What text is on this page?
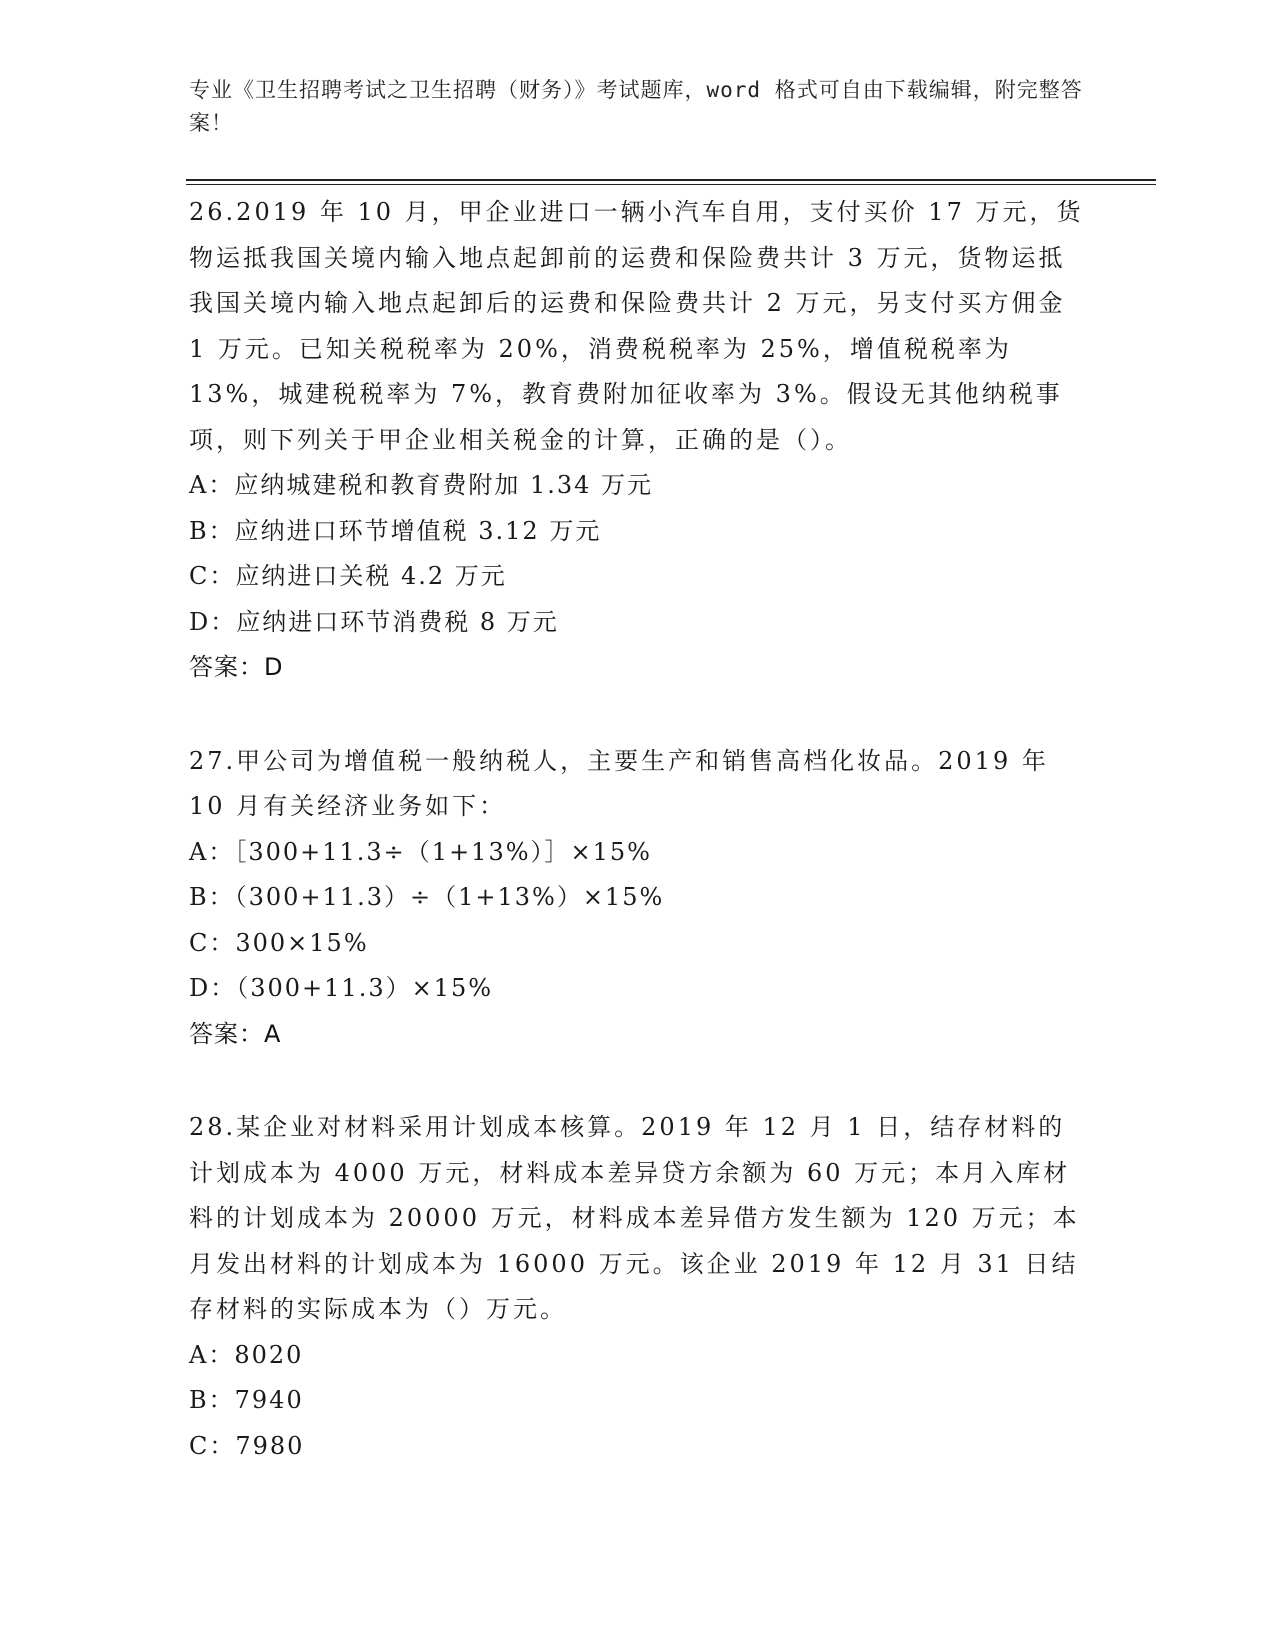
专业《卫生招聘考试之卫生招聘（财务）》考试题库，word 格式可自由下载编辑，附完整答案！

26.2019 年 10 月，甲企业进口一辆小汽车自用，支付买价 17 万元，货物运抵我国关境内输入地点起卸前的运费和保险费共计 3 万元，货物运抵我国关境内输入地点起卸后的运费和保险费共计 2 万元，另支付买方佣金 1 万元。已知关税税率为 20%，消费税税率为 25%，增值税税率为 13%，城建税税率为 7%，教育费附加征收率为 3%。假设无其他纳税事项，则下列关于甲企业相关税金的计算，正确的是（）。

A：应纳城建税和教育费附加 1.34 万元

B：应纳进口环节增值税 3.12 万元

C：应纳进口关税 4.2 万元

D：应纳进口环节消费税 8 万元

答案：D

27.甲公司为增值税一般纳税人，主要生产和销售高档化妆品。2019 年 10 月有关经济业务如下：

A：［300+11.3÷（1+13%）］×15%

B：（300+11.3）÷（1+13%）×15%

C：300×15%

D：（300+11.3）×15%

答案：A

28.某企业对材料采用计划成本核算。2019 年 12 月 1 日，结存材料的计划成本为 4000 万元，材料成本差异贷方余额为 60 万元；本月入库材料的计划成本为 20000 万元，材料成本差异借方发生额为 120 万元；本月发出材料的计划成本为 16000 万元。该企业 2019 年 12 月 31 日结存材料的实际成本为（）万元。

A：8020

B：7940

C：7980
